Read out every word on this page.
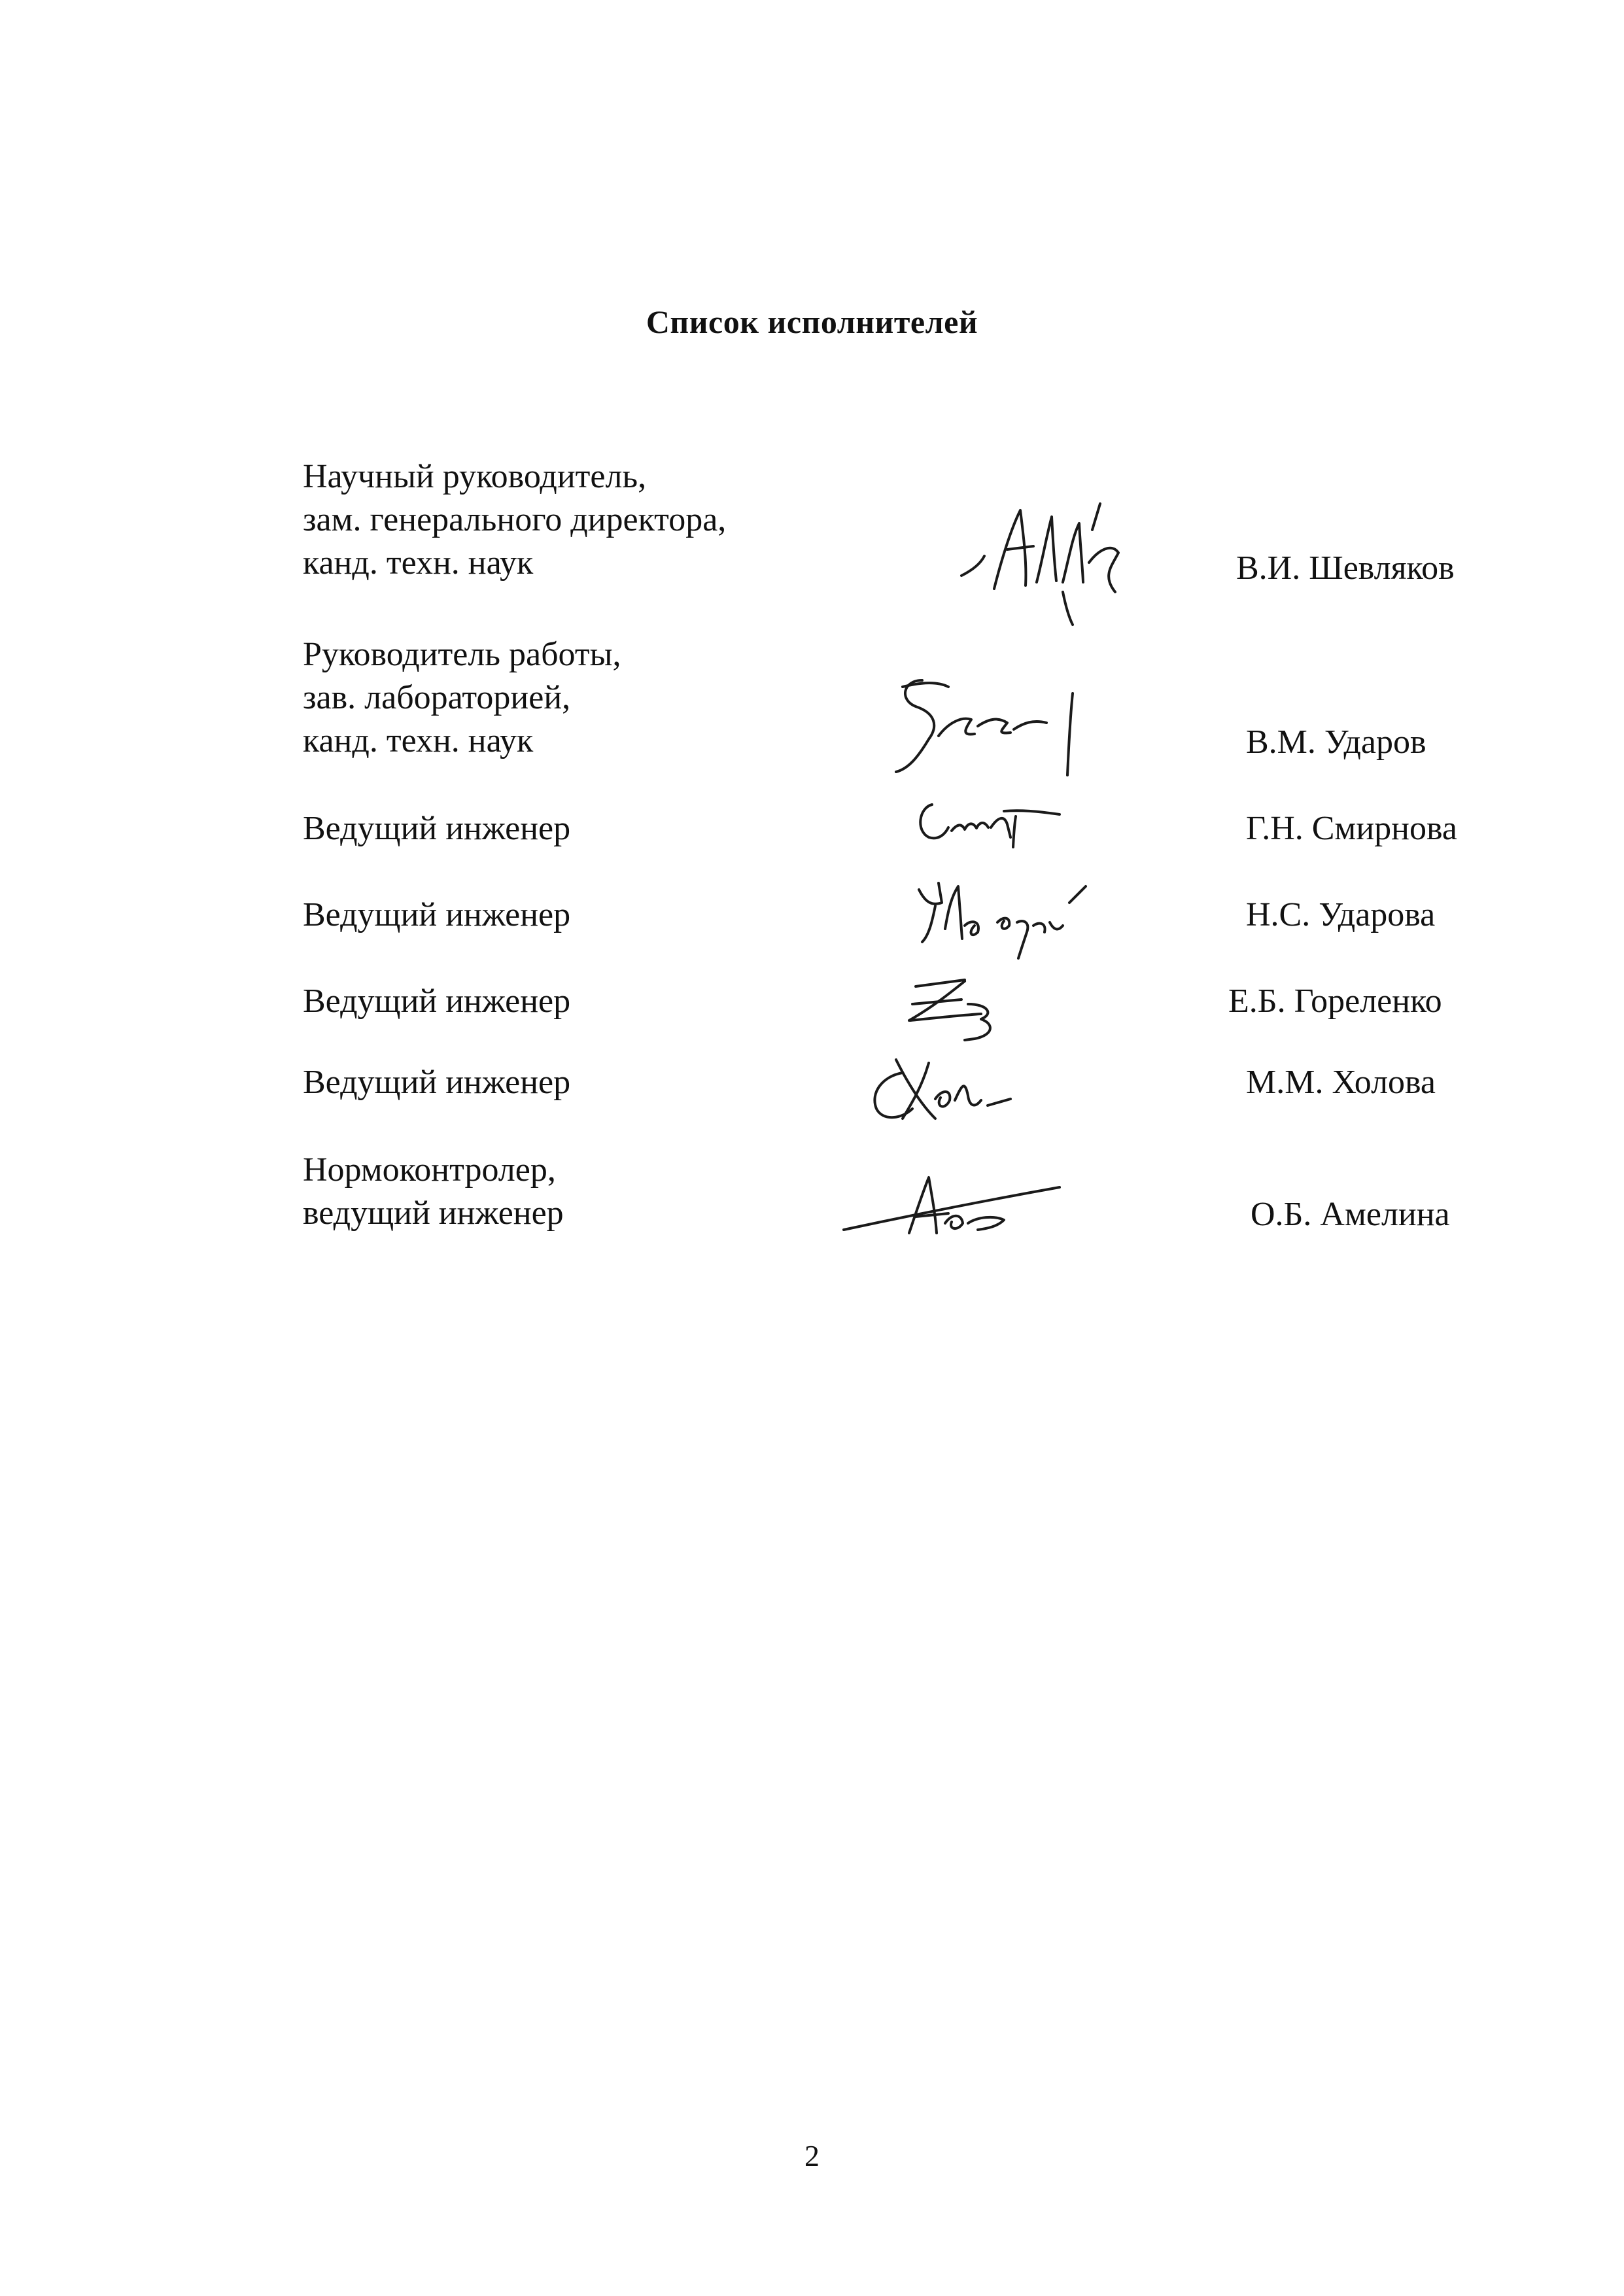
Список исполнителей
Научный руководитель,
зам. генерального директора,
канд. техн. наук	В.И. Шевляков
Руководитель работы,
зав. лабораторией,
канд. техн. наук	В.М. Ударов
Ведущий инженер	Г.Н. Смирнова
Ведущий инженер	Н.С. Ударова
Ведущий инженер	Е.Б. Гореленко
Ведущий инженер	М.М. Холова
Нормоконтролер,
ведущий инженер	О.Б. Амелина
2
